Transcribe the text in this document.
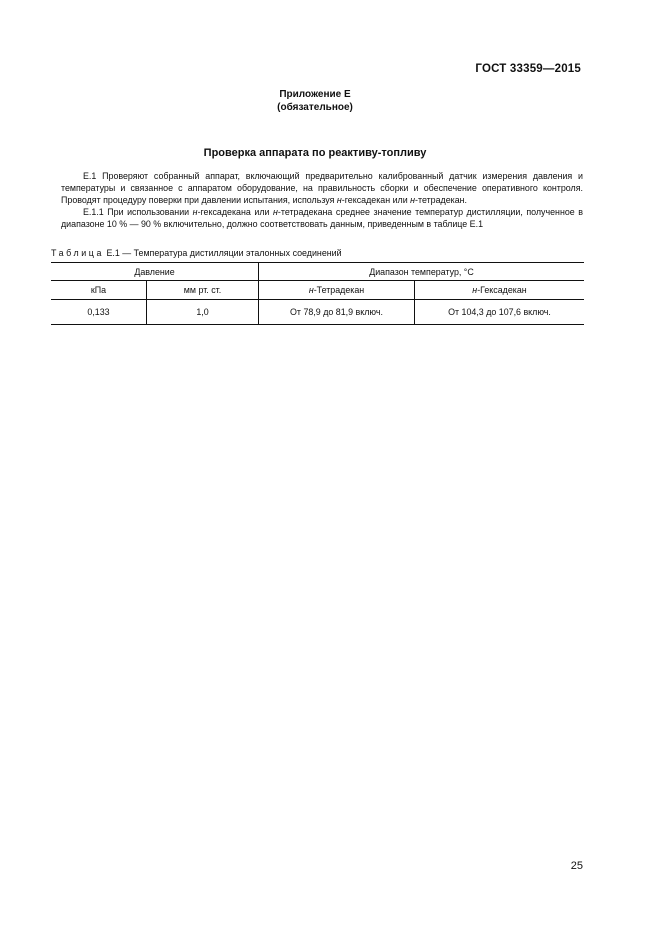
ГОСТ 33359—2015
Приложение Е
(обязательное)
Проверка аппарата по реактиву-топливу

Е.1 Проверяют собранный аппарат, включающий предварительно калиброванный датчик измерения давления и температуры и связанное с аппаратом оборудование, на правильность сборки и обеспечение оперативного контроля. Проводят процедуру поверки при давлении испытания, используя н-гексадекан или н-тетрадекан.

Е.1.1 При использовании н-гексадекана или н-тетрадекана среднее значение температур дистилляции, полученное в диапазоне 10 % — 90 % включительно, должно соответствовать данным, приведенным в таблице Е.1

Таблица Е.1 — Температура дистилляции эталонных соединений
Давление		Диапазон температур, °С	
кПа	мм рт. ст.	н-Тетрадекан	н-Гексадекан
0,133	1,0	От 78,9 до 81,9 включ.	От 104,3 до 107,6 включ.
25
